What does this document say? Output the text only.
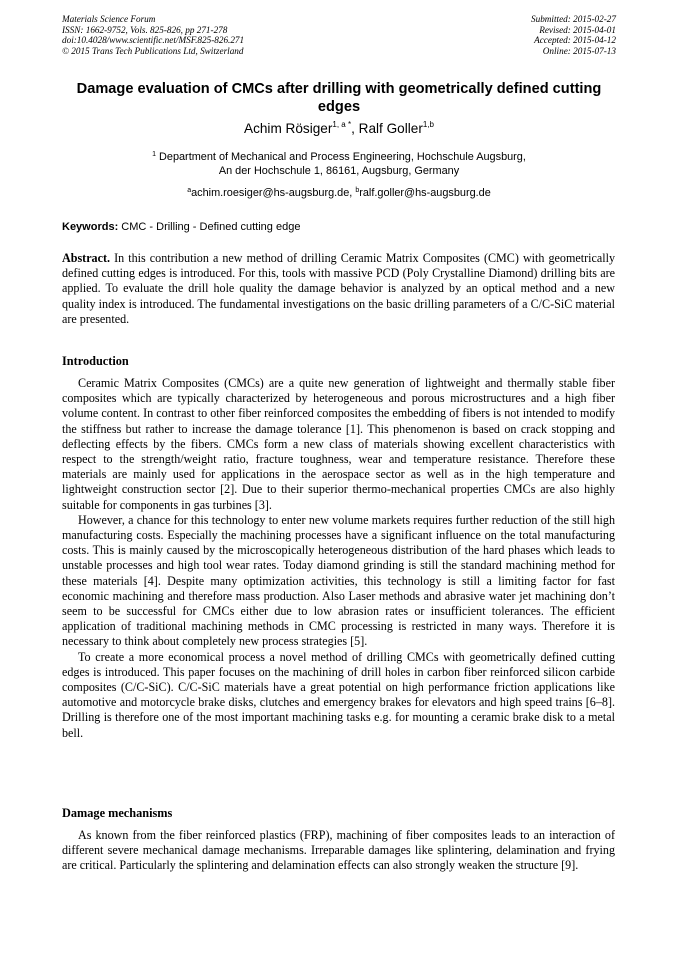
Materials Science Forum
ISSN: 1662-9752, Vols. 825-826, pp 271-278
doi:10.4028/www.scientific.net/MSF.825-826.271
© 2015 Trans Tech Publications Ltd, Switzerland
Submitted: 2015-02-27
Revised: 2015-04-01
Accepted: 2015-04-12
Online: 2015-07-13
Damage evaluation of CMCs after drilling with geometrically defined cutting edges
Achim Rösiger$^{1, a *}$, Ralf Goller$^{1,b}$
$^1$ Department of Mechanical and Process Engineering, Hochschule Augsburg,
An der Hochschule 1, 86161, Augsburg, Germany
$^a$achim.roesiger@hs-augsburg.de, $^b$ralf.goller@hs-augsburg.de
Keywords: CMC - Drilling - Defined cutting edge
Abstract. In this contribution a new method of drilling Ceramic Matrix Composites (CMC) with geometrically defined cutting edges is introduced. For this, tools with massive PCD (Poly Crystalline Diamond) drilling bits are applied. To evaluate the drill hole quality the damage behavior is analyzed by an optical method and a new quality index is introduced. The fundamental investigations on the basic drilling parameters of a C/C-SiC material are presented.
Introduction

Ceramic Matrix Composites (CMCs) are a quite new generation of lightweight and thermally stable fiber composites which are typically characterized by heterogeneous and porous microstructures and a high fiber volume content. In contrast to other fiber reinforced composites the embedding of fibers is not intended to modify the stiffness but rather to increase the damage tolerance [1]. This phenomenon is based on crack stopping and deflecting effects by the fibers. CMCs form a new class of materials showing excellent characteristics with respect to the strength/weight ratio, fracture toughness, wear and temperature resistance. Therefore these materials are mainly used for applications in the aerospace sector as well as in the high temperature and lightweight construction sector [2]. Due to their superior thermo-mechanical properties CMCs are also highly suitable for components in gas turbines [3].

However, a chance for this technology to enter new volume markets requires further reduction of the still high manufacturing costs. Especially the machining processes have a significant influence on the total manufacturing costs. This is mainly caused by the microscopically heterogeneous distribution of the hard phases which leads to unstable processes and high tool wear rates. Today diamond grinding is still the standard machining method for these materials [4]. Despite many optimization activities, this technology is still a limiting factor for fast economic machining and therefore mass production. Also Laser methods and abrasive water jet machining don’t seem to be successful for CMCs either due to low abrasion rates or insufficient tolerances. The efficient application of traditional machining methods in CMC processing is restricted in many ways. Therefore it is necessary to think about completely new process strategies [5].

To create a more economical process a novel method of drilling CMCs with geometrically defined cutting edges is introduced. This paper focuses on the machining of drill holes in carbon fiber reinforced silicon carbide composites (C/C-SiC). C/C-SiC materials have a great potential on high performance friction applications like automotive and motorcycle brake disks, clutches and emergency brakes for elevators and high speed trains [6–8]. Drilling is therefore one of the most important machining tasks e.g. for mounting a ceramic brake disk to a metal bell.

Damage mechanisms

As known from the fiber reinforced plastics (FRP), machining of fiber composites leads to an interaction of different severe mechanical damage mechanisms. Irreparable damages like splintering, delamination and frying are critical. Particularly the splintering and delamination effects can also strongly weaken the structure [9].
